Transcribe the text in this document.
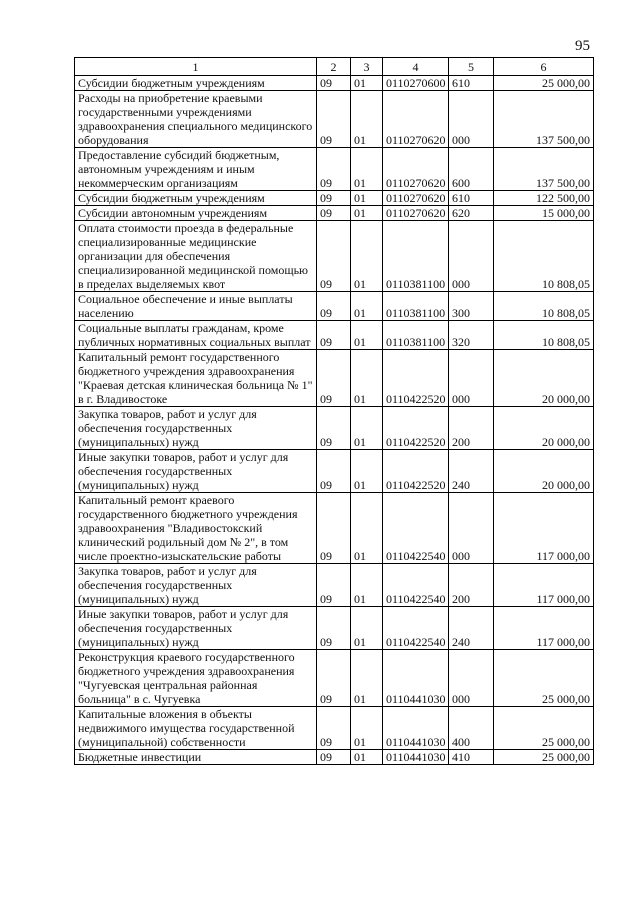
95
1	2	3	4	5	6
Субсидии бюджетным учреждениям	09	01	0110270600	610	25 000,00
Расходы на приобретение краевыми государственными учреждениями здравоохранения специального медицинского оборудования	09	01	0110270620	000	137 500,00
Предоставление субсидий бюджетным, автономным учреждениям и иным некоммерческим организациям	09	01	0110270620	600	137 500,00
Субсидии бюджетным учреждениям	09	01	0110270620	610	122 500,00
Субсидии автономным учреждениям	09	01	0110270620	620	15 000,00
Оплата стоимости проезда в федеральные специализированные медицинские организации для обеспечения специализированной медицинской помощью в пределах выделяемых квот	09	01	0110381100	000	10 808,05
Социальное обеспечение и иные выплаты населению	09	01	0110381100	300	10 808,05
Социальные выплаты гражданам, кроме публичных нормативных социальных выплат	09	01	0110381100	320	10 808,05
Капитальный ремонт государственного бюджетного учреждения здравоохранения "Краевая детская клиническая больница № 1" в г. Владивостоке	09	01	0110422520	000	20 000,00
Закупка товаров, работ и услуг для обеспечения государственных (муниципальных) нужд	09	01	0110422520	200	20 000,00
Иные закупки товаров, работ и услуг для обеспечения государственных (муниципальных) нужд	09	01	0110422520	240	20 000,00
Капитальный ремонт краевого государственного бюджетного учреждения здравоохранения "Владивостокский клинический родильный дом № 2", в том числе проектно-изыскательские работы	09	01	0110422540	000	117 000,00
Закупка товаров, работ и услуг для обеспечения государственных (муниципальных) нужд	09	01	0110422540	200	117 000,00
Иные закупки товаров, работ и услуг для обеспечения государственных (муниципальных) нужд	09	01	0110422540	240	117 000,00
Реконструкция краевого государственного бюджетного учреждения здравоохранения "Чугуевская центральная районная больница" в с. Чугуевка	09	01	0110441030	000	25 000,00
Капитальные вложения в объекты недвижимого имущества государственной (муниципальной) собственности	09	01	0110441030	400	25 000,00
Бюджетные инвестиции	09	01	0110441030	410	25 000,00
